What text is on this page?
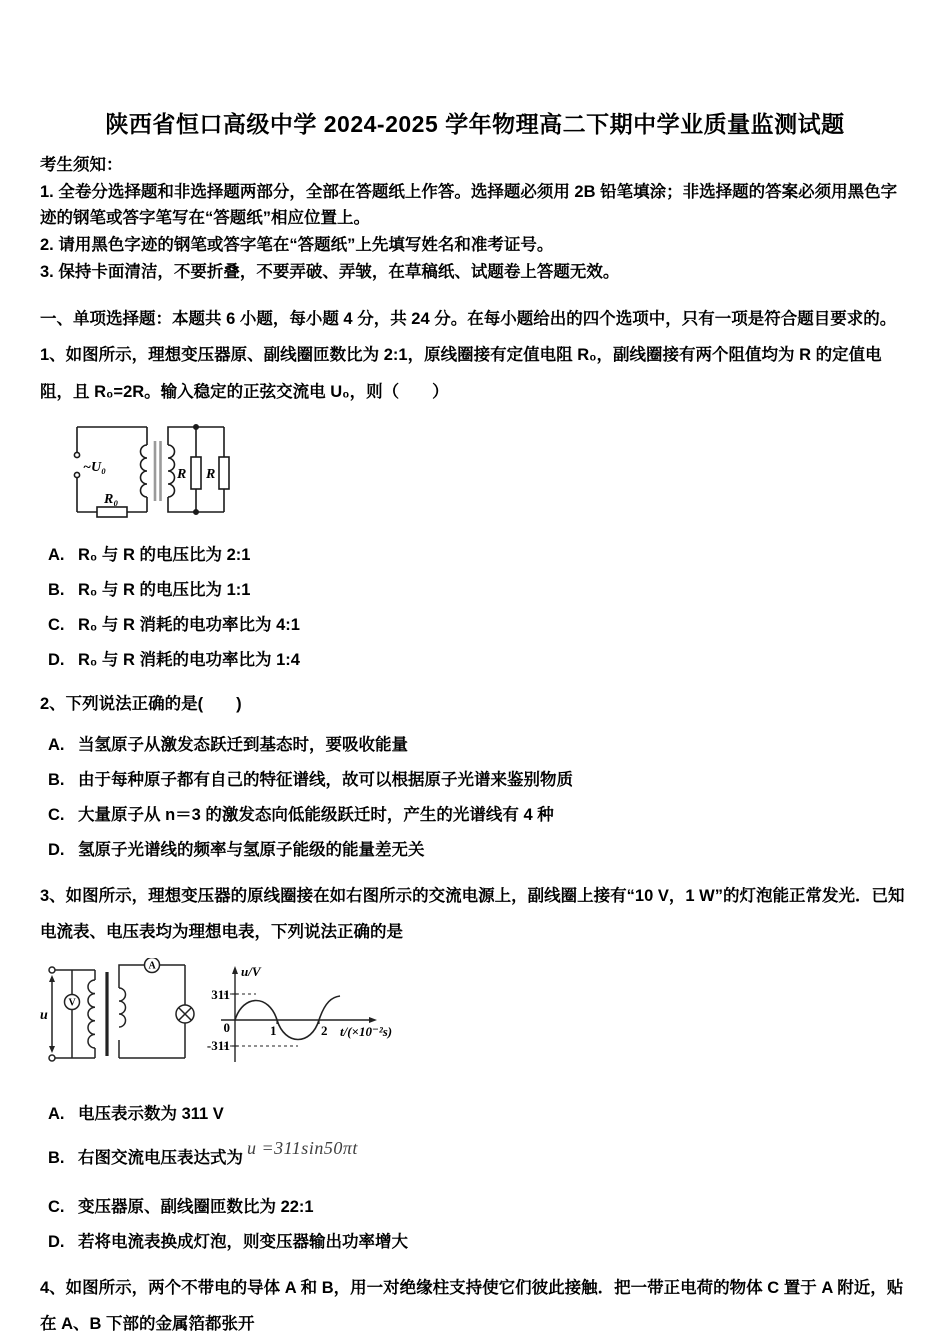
陕西省恒口高级中学 2024-2025 学年物理高二下期中学业质量监测试题

考生须知：

1. 全卷分选择题和非选择题两部分，全部在答题纸上作答。选择题必须用 2B 铅笔填涂；非选择题的答案必须用黑色字迹的钢笔或答字笔写在“答题纸”相应位置上。

2. 请用黑色字迹的钢笔或答字笔在“答题纸”上先填写姓名和准考证号。

3. 保持卡面清洁，不要折叠，不要弄破、弄皱，在草稿纸、试题卷上答题无效。

一、单项选择题：本题共 6 小题，每小题 4 分，共 24 分。在每小题给出的四个选项中，只有一项是符合题目要求的。

1、如图所示，理想变压器原、副线圈匝数比为 2:1，原线圈接有定值电阻 R₀，副线圈接有两个阻值均为 R 的定值电阻，且 R₀=2R。输入稳定的正弦交流电 U₀，则（　　）

~U₀
R₀
R R
A. R₀ 与 R 的电压比为 2:1
B. R₀ 与 R 的电压比为 1:1
C. R₀ 与 R 消耗的电功率比为 4:1
D. R₀ 与 R 消耗的电功率比为 1:4

2、下列说法正确的是(　　)

A. 当氢原子从激发态跃迁到基态时，要吸收能量
B. 由于每种原子都有自己的特征谱线，故可以根据原子光谱来鉴别物质
C. 大量原子从 n＝3 的激发态向低能级跃迁时，产生的光谱线有 4 种
D. 氢原子光谱线的频率与氢原子能级的能量差无关

3、如图所示，理想变压器的原线圈接在如右图所示的交流电源上，副线圈上接有“10 V，1 W”的灯泡能正常发光．已知电流表、电压表均为理想电表，下列说法正确的是

u
V
A	u/V
311
0
-311
1	2 t/(×10⁻²s)
A. 电压表示数为 311 V
B. 右图交流电压表达式为 u =311sin50πt
C. 变压器原、副线圈匝数比为 22:1
D. 若将电流表换成灯泡，则变压器输出功率增大

4、如图所示，两个不带电的导体 A 和 B，用一对绝缘柱支持使它们彼此接触．把一带正电荷的物体 C 置于 A 附近，贴在 A、B 下部的金属箔都张开
